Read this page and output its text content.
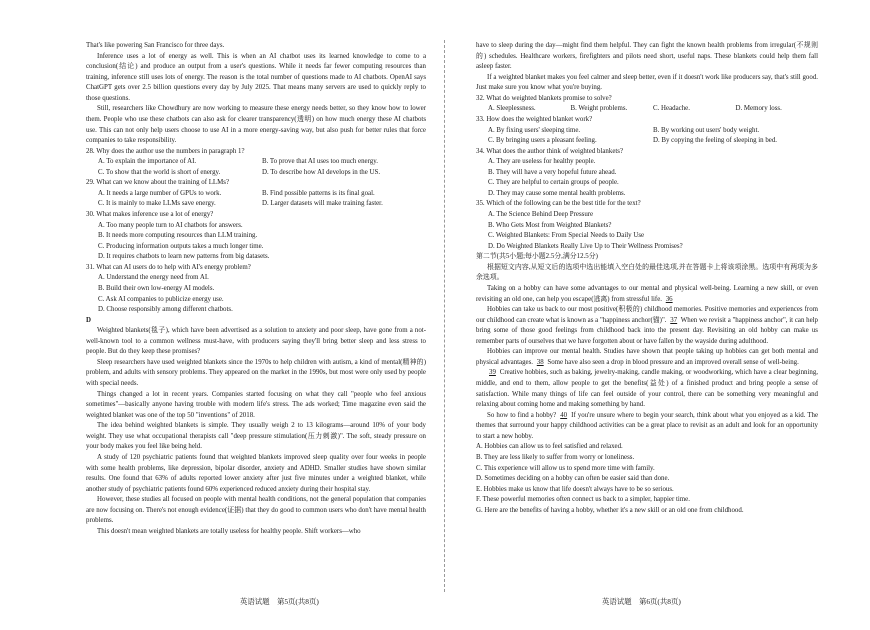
That's like powering San Francisco for three days.

Inference uses a lot of energy as well. This is when an AI chatbot uses its learned knowledge to come to a conclusion(结论) and produce an output from a user's questions. While it needs far fewer computing resources than training, inference still uses lots of energy. The reason is the total number of questions made to AI chatbots. OpenAI says ChatGPT gets over 2.5 billion questions every day by July 2025. That means many servers are used to quickly reply to those questions.

Still, researchers like Chowdhury are now working to measure these energy needs better, so they know how to lower them. People who use these chatbots can also ask for clearer transparency(透明) on how much energy these AI chatbots use. This can not only help users choose to use AI in a more energy-saving way, but also push for better rules that force companies to take responsibility.

28. Why does the author use the numbers in paragraph 1?

A. To explain the importance of AI.	B. To prove that AI uses too much energy.
C. To show that the world is short of energy.	D. To describe how AI develops in the US.

29. What can we know about the training of LLMs?

A. It needs a large number of GPUs to work.	B. Find possible patterns is its final goal.
C. It is mainly to make LLMs save energy.	D. Larger datasets will make training faster.

30. What makes inference use a lot of energy?

A. Too many people turn to AI chatbots for answers.

B. It needs more computing resources than LLM training.

C. Producing information outputs takes a much longer time.

D. It requires chatbots to learn new patterns from big datasets.

31. What can AI users do to help with AI's energy problem?

A. Understand the energy need from AI.

B. Build their own low-energy AI models.

C. Ask AI companies to publicize energy use.

D. Choose responsibly among different chatbots.

D

Weighted blankets(毯子), which have been advertised as a solution to anxiety and poor sleep, have gone from a not-well-known tool to a common wellness must-have, with producers saying they'll bring better sleep and less stress to people. But do they keep these promises?

Sleep researchers have used weighted blankets since the 1970s to help children with autism, a kind of mental(精神的) problem, and adults with sensory problems. They appeared on the market in the 1990s, but most were only used by people with special needs.

Things changed a lot in recent years. Companies started focusing on what they call "people who feel anxious sometimes"—basically anyone having trouble with modern life's stress. The ads worked; Time magazine even said the weighted blanket was one of the top 50 "inventions" of 2018.

The idea behind weighted blankets is simple. They usually weigh 2 to 13 kilograms—around 10% of your body weight. They use what occupational therapists call "deep pressure stimulation(压力刺激)". The soft, steady pressure on your body makes you feel like being held.

A study of 120 psychiatric patients found that weighted blankets improved sleep quality over four weeks in people with some health problems, like depression, bipolar disorder, anxiety and ADHD. Smaller studies have shown similar results. One found that 63% of adults reported lower anxiety after just five minutes under a weighted blanket, while another study of psychiatric patients found 60% experienced reduced anxiety during their hospital stay.

However, these studies all focused on people with mental health conditions, not the general population that companies are now focusing on. There's not enough evidence(证据) that they do good to common users who don't have mental health problems.

This doesn't mean weighted blankets are totally useless for healthy people. Shift workers—who

have to sleep during the day—might find them helpful. They can fight the known health problems from irregular(不规则的) schedules. Healthcare workers, firefighters and pilots need short, useful naps. These blankets could help them fall asleep faster.

If a weighted blanket makes you feel calmer and sleep better, even if it doesn't work like producers say, that's still good. Just make sure you know what you're buying.

32. What do weighted blankets promise to solve?

A. Sleeplessness.	B. Weight problems.	C. Headache.	D. Memory loss.

33. How does the weighted blanket work?

A. By fixing users' sleeping time.	B. By working out users' body weight.
C. By bringing users a pleasant feeling.	D. By copying the feeling of sleeping in bed.

34. What does the author think of weighted blankets?

A. They are useless for healthy people.

B. They will have a very hopeful future ahead.

C. They are helpful to certain groups of people.

D. They may cause some mental health problems.

35. Which of the following can be the best title for the text?

A. The Science Behind Deep Pressure

B. Who Gets Most from Weighted Blankets?

C. Weighted Blankets: From Special Needs to Daily Use

D. Do Weighted Blankets Really Live Up to Their Wellness Promises?

第二节(共5小题;每小题2.5分,满分12.5分)

根据短文内容,从短文后的选项中选出能填入空白处的最佳选项,并在答题卡上将该项涂黑。选项中有两项为多余选项。

Taking on a hobby can have some advantages to our mental and physical well-being. Learning a new skill, or even revisiting an old one, can help you escape(逃离) from stressful life. 36

Hobbies can take us back to our most positive(积极的) childhood memories. Positive memories and experiences from our childhood can create what is known as a "happiness anchor(锚)". 37 When we revisit a "happiness anchor", it can help bring some of those good feelings from childhood back into the present day. Revisiting an old hobby can make us remember parts of ourselves that we have forgotten about or have fallen by the wayside during adulthood.

Hobbies can improve our mental health. Studies have shown that people taking up hobbies can get both mental and physical advantages. 38 Some have also seen a drop in blood pressure and an improved overall sense of well-being.

39 Creative hobbies, such as baking, jewelry-making, candle making, or woodworking, which have a clear beginning, middle, and end to them, allow people to get the benefits(益处) of a finished product and bring people a sense of satisfaction. While many things of life can feel outside of your control, there can be something very meaningful and relaxing about coming home and making something by hand.

So how to find a hobby? 40 If you're unsure where to begin your search, think about what you enjoyed as a kid. The themes that surround your happy childhood activities can be a great place to revisit as an adult and look for an opportunity to start a new hobby.

A. Hobbies can allow us to feel satisfied and relaxed.

B. They are less likely to suffer from worry or loneliness.

C. This experience will allow us to spend more time with family.

D. Sometimes deciding on a hobby can often be easier said than done.

E. Hobbies make us know that life doesn't always have to be so serious.

F. These powerful memories often connect us back to a simpler, happier time.

G. Here are the benefits of having a hobby, whether it's a new skill or an old one from childhood.

英语试题　第5页(共8页)	英语试题　第6页(共8页)
